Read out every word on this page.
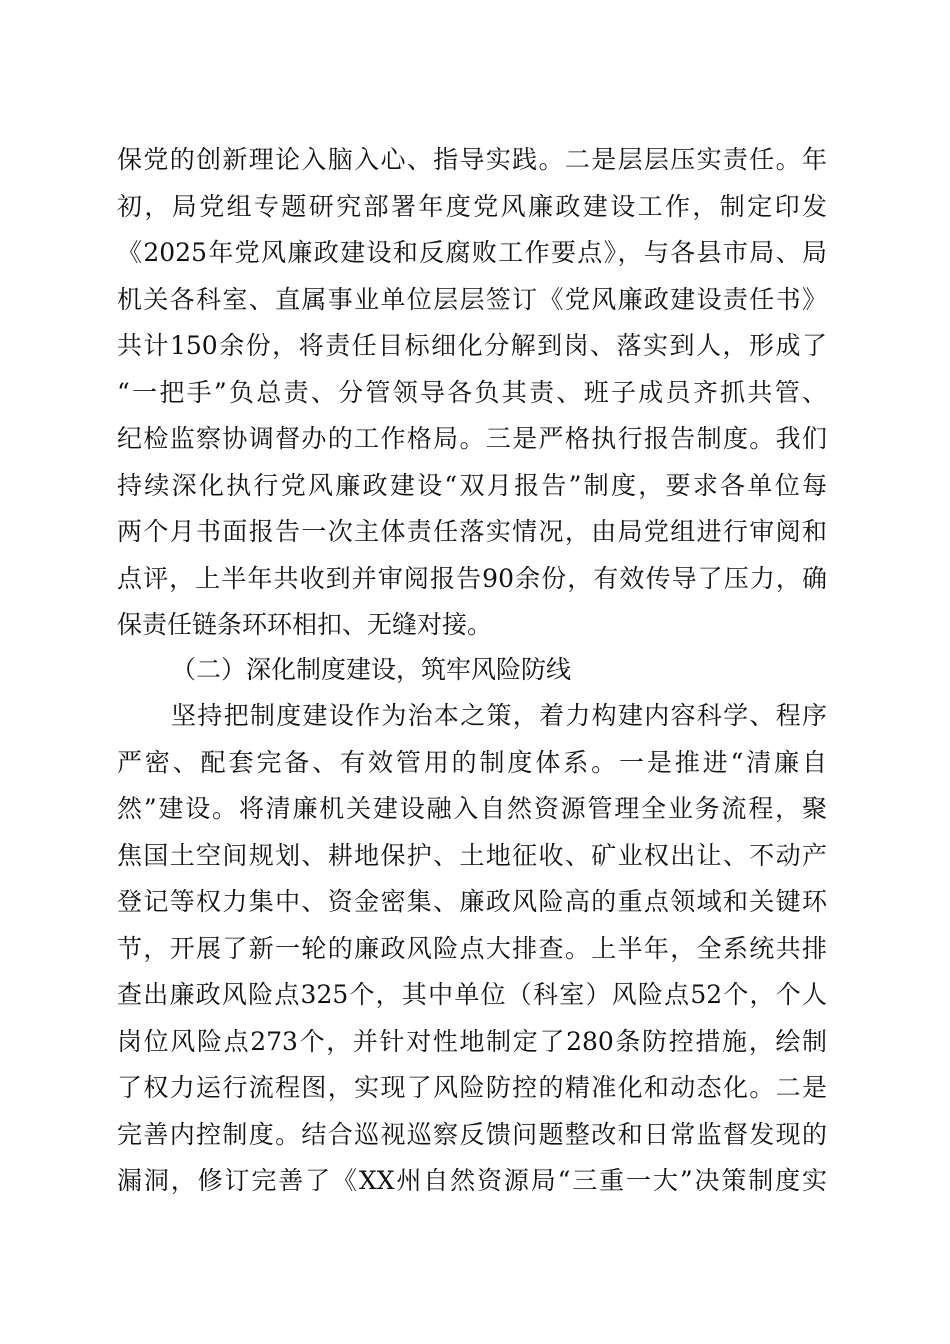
保党的创新理论入脑入心、指导实践。二是层层压实责任。年
初，局党组专题研究部署年度党风廉政建设工作，制定印发
《2025年党风廉政建设和反腐败工作要点》，与各县市局、局
机关各科室、直属事业单位层层签订《党风廉政建设责任书》
共计150余份，将责任目标细化分解到岗、落实到人，形成了
“一把手”负总责、分管领导各负其责、班子成员齐抓共管、
纪检监察协调督办的工作格局。三是严格执行报告制度。我们
持续深化执行党风廉政建设“双月报告”制度，要求各单位每
两个月书面报告一次主体责任落实情况，由局党组进行审阅和
点评，上半年共收到并审阅报告90余份，有效传导了压力，确
保责任链条环环相扣、无缝对接。
（二）深化制度建设，筑牢风险防线
坚持把制度建设作为治本之策，着力构建内容科学、程序
严密、配套完备、有效管用的制度体系。一是推进“清廉自
然”建设。将清廉机关建设融入自然资源管理全业务流程，聚
焦国土空间规划、耕地保护、土地征收、矿业权出让、不动产
登记等权力集中、资金密集、廉政风险高的重点领域和关键环
节，开展了新一轮的廉政风险点大排查。上半年，全系统共排
查出廉政风险点325个，其中单位（科室）风险点52个，个人
岗位风险点273个，并针对性地制定了280条防控措施，绘制
了权力运行流程图，实现了风险防控的精准化和动态化。二是
完善内控制度。结合巡视巡察反馈问题整改和日常监督发现的
漏洞，修订完善了《XX州自然资源局“三重一大”决策制度实
